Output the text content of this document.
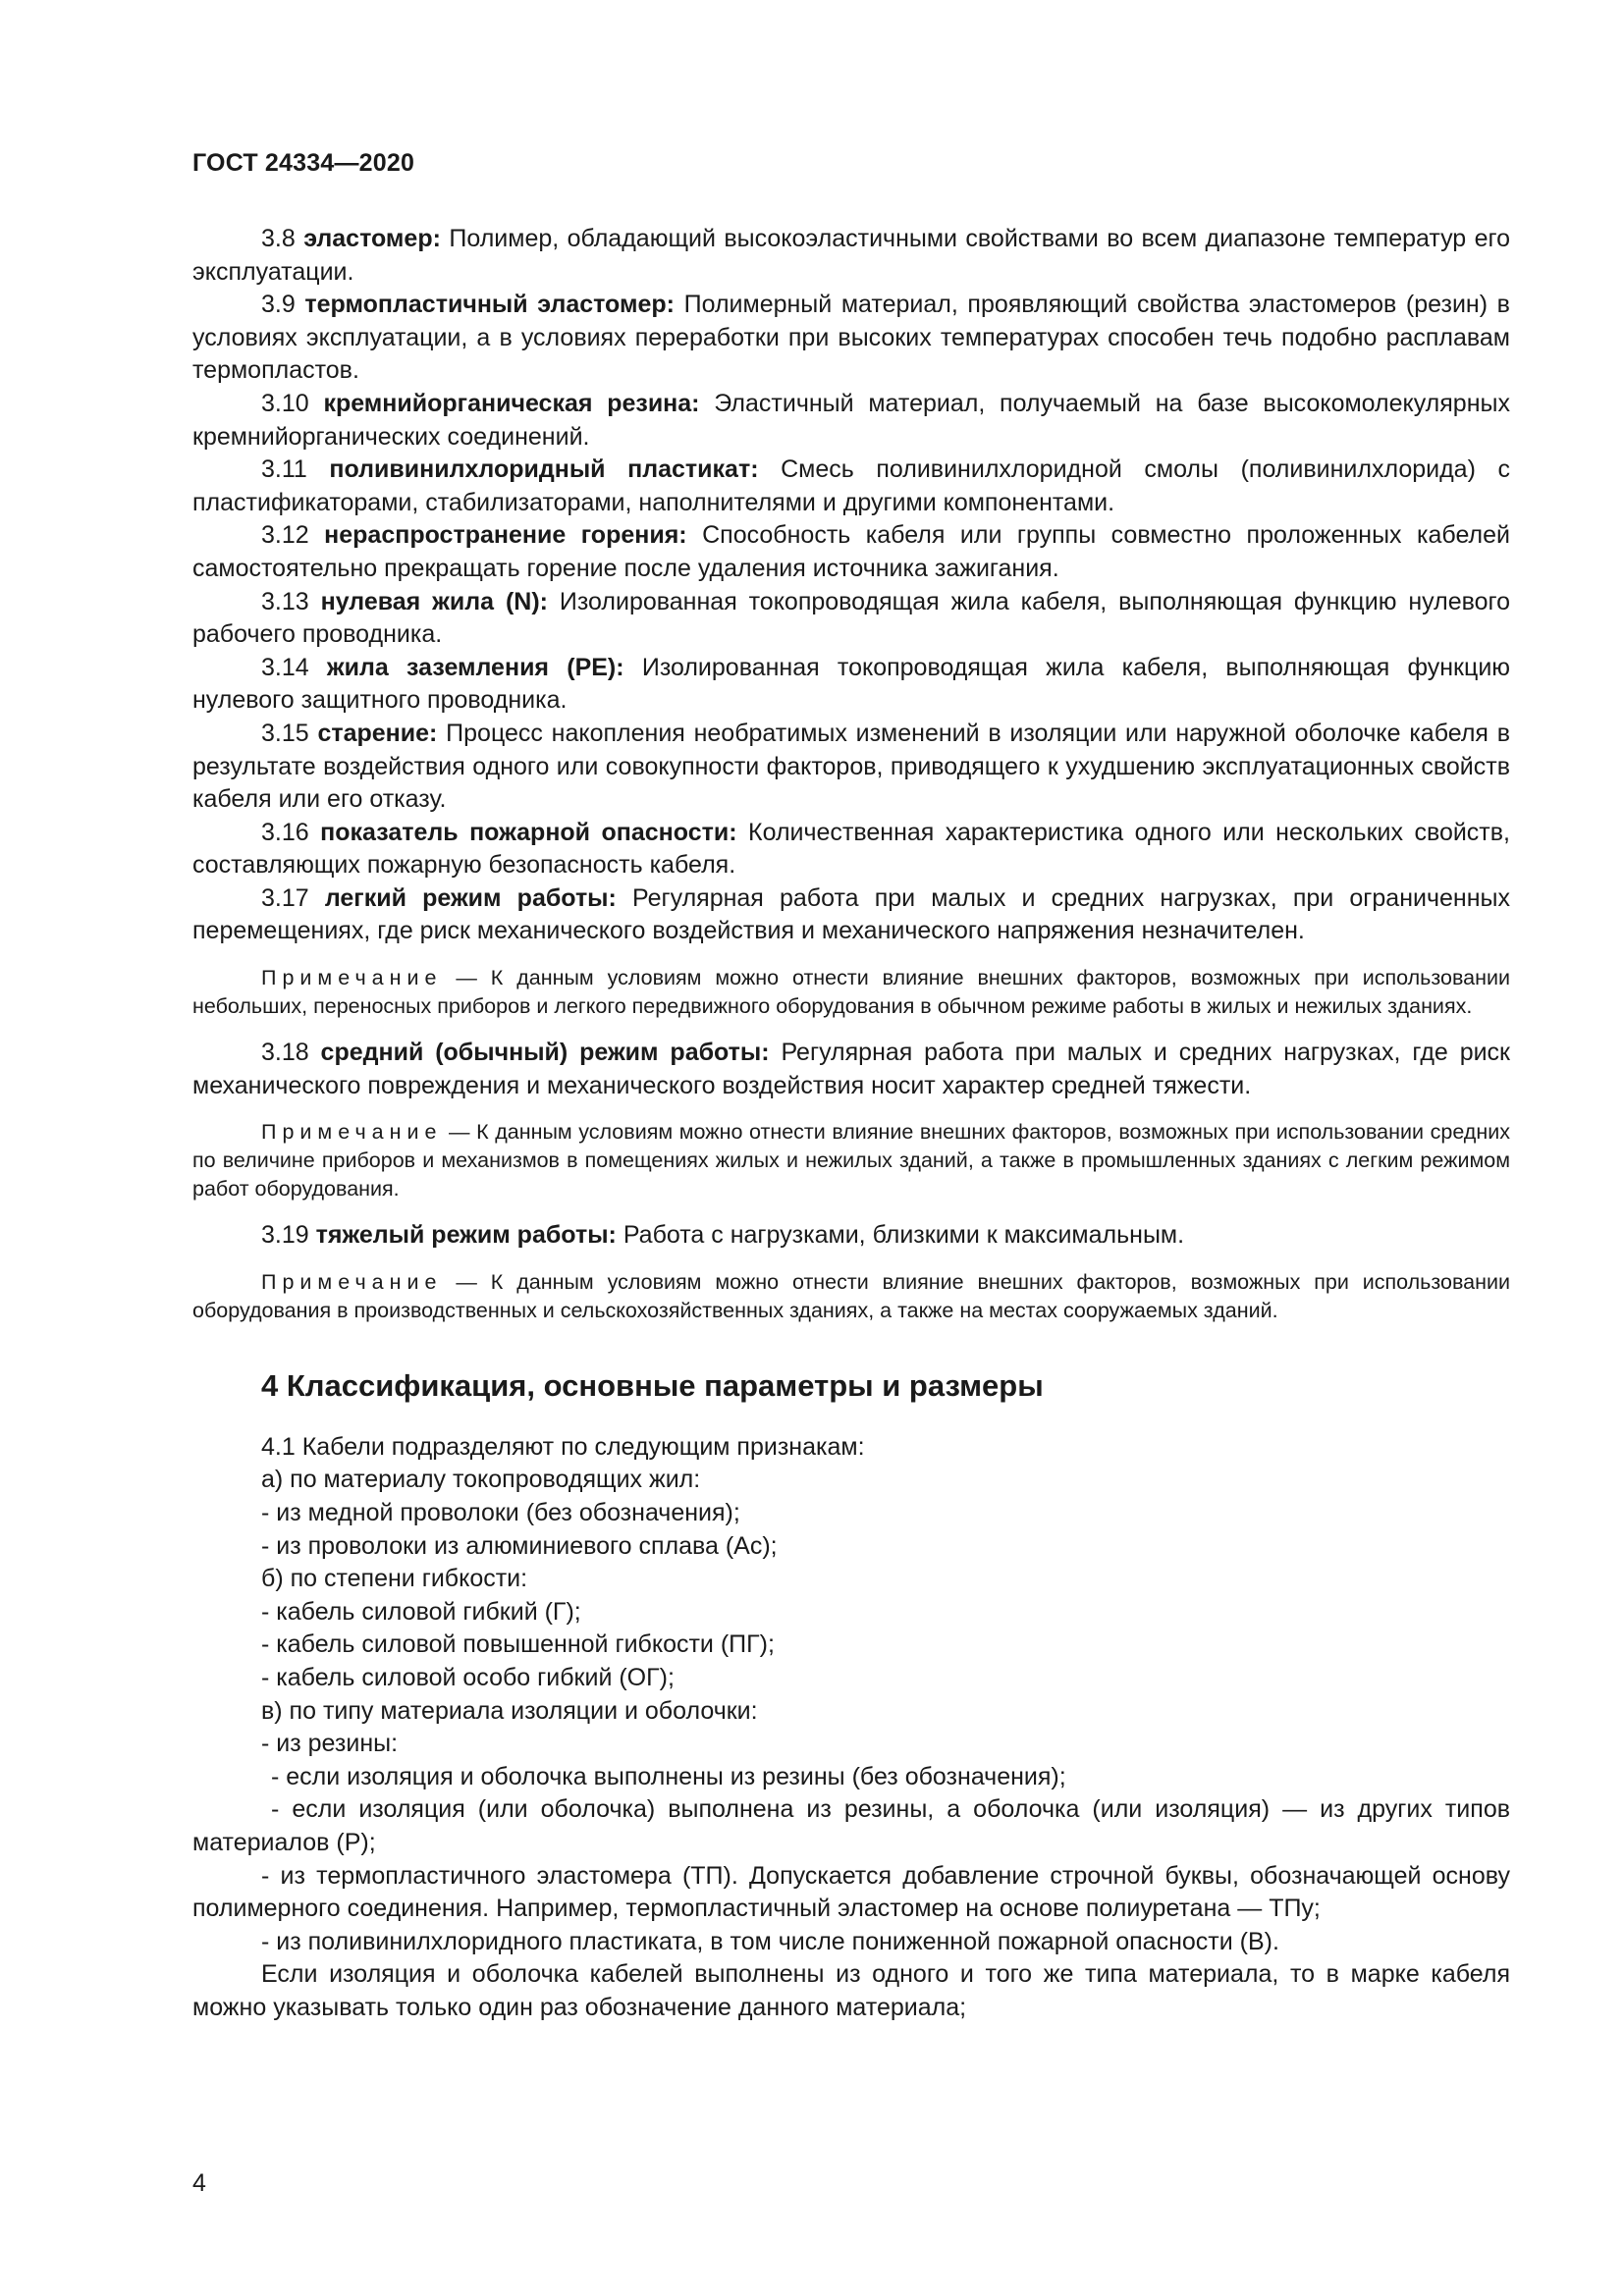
ГОСТ 24334—2020

3.8 эластомер: Полимер, обладающий высокоэластичными свойствами во всем диапазоне температур его эксплуатации.

3.9 термопластичный эластомер: Полимерный материал, проявляющий свойства эластомеров (резин) в условиях эксплуатации, а в условиях переработки при высоких температурах способен течь подобно расплавам термопластов.

3.10 кремнийорганическая резина: Эластичный материал, получаемый на базе высокомолекулярных кремнийорганических соединений.

3.11 поливинилхлоридный пластикат: Смесь поливинилхлоридной смолы (поливинилхлорида) с пластификаторами, стабилизаторами, наполнителями и другими компонентами.

3.12 нераспространение горения: Способность кабеля или группы совместно проложенных кабелей самостоятельно прекращать горение после удаления источника зажигания.

3.13 нулевая жила (N): Изолированная токопроводящая жила кабеля, выполняющая функцию нулевого рабочего проводника.

3.14 жила заземления (PE): Изолированная токопроводящая жила кабеля, выполняющая функцию нулевого защитного проводника.

3.15 старение: Процесс накопления необратимых изменений в изоляции или наружной оболочке кабеля в результате воздействия одного или совокупности факторов, приводящего к ухудшению эксплуатационных свойств кабеля или его отказу.

3.16 показатель пожарной опасности: Количественная характеристика одного или нескольких свойств, составляющих пожарную безопасность кабеля.

3.17 легкий режим работы: Регулярная работа при малых и средних нагрузках, при ограниченных перемещениях, где риск механического воздействия и механического напряжения незначителен.

Примечание — К данным условиям можно отнести влияние внешних факторов, возможных при использовании небольших, переносных приборов и легкого передвижного оборудования в обычном режиме работы в жилых и нежилых зданиях.

3.18 средний (обычный) режим работы: Регулярная работа при малых и средних нагрузках, где риск механического повреждения и механического воздействия носит характер средней тяжести.

Примечание — К данным условиям можно отнести влияние внешних факторов, возможных при использовании средних по величине приборов и механизмов в помещениях жилых и нежилых зданий, а также в промышленных зданиях с легким режимом работ оборудования.

3.19 тяжелый режим работы: Работа с нагрузками, близкими к максимальным.

Примечание — К данным условиям можно отнести влияние внешних факторов, возможных при использовании оборудования в производственных и сельскохозяйственных зданиях, а также на местах сооружаемых зданий.

4 Классификация, основные параметры и размеры

4.1 Кабели подразделяют по следующим признакам:

а) по материалу токопроводящих жил:

- из медной проволоки (без обозначения);

- из проволоки из алюминиевого сплава (Ас);

б) по степени гибкости:

- кабель силовой гибкий (Г);

- кабель силовой повышенной гибкости (ПГ);

- кабель силовой особо гибкий (ОГ);

в) по типу материала изоляции и оболочки:

- из резины:

- если изоляция и оболочка выполнены из резины (без обозначения);

- если изоляция (или оболочка) выполнена из резины, а оболочка (или изоляция) — из других типов материалов (Р);

- из термопластичного эластомера (ТП). Допускается добавление строчной буквы, обозначающей основу полимерного соединения. Например, термопластичный эластомер на основе полиуретана — ТПу;

- из поливинилхлоридного пластиката, в том числе пониженной пожарной опасности (В).

Если изоляция и оболочка кабелей выполнены из одного и того же типа материала, то в марке кабеля можно указывать только один раз обозначение данного материала;

4
